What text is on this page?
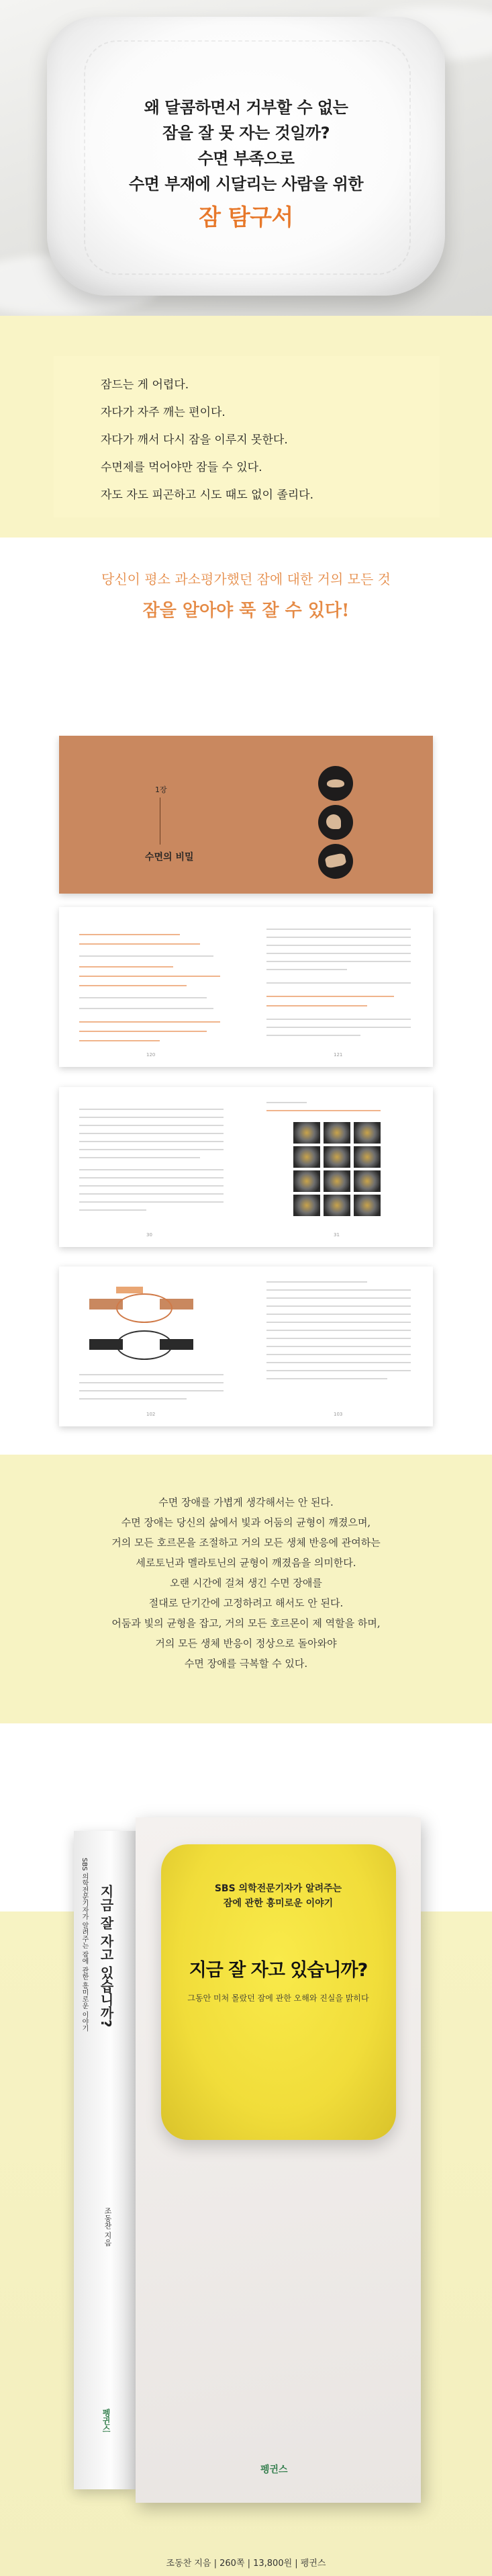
왜 달콤하면서 거부할 수 없는
잠을 잘 못 자는 것일까?
수면 부족으로
수면 부재에 시달리는 사람을 위한
잠 탐구서
잠드는 게 어렵다.
자다가 자주 깨는 편이다.
자다가 깨서 다시 잠을 이루지 못한다.
수면제를 먹어야만 잠들 수 있다.
자도 자도 피곤하고 시도 때도 없이 졸리다.
당신이 평소 과소평가했던 잠에 대한 거의 모든 것
잠을 알아야 푹 잘 수 있다!
1장
수면의 비밀
120	121
30	31
102	103
수면 장애를 가볍게 생각해서는 안 된다.
수면 장애는 당신의 삶에서 빛과 어둠의 균형이 깨졌으며,
거의 모든 호르몬을 조절하고 거의 모든 생체 반응에 관여하는
세로토닌과 멜라토닌의 균형이 깨졌음을 의미한다.
오랜 시간에 걸쳐 생긴 수면 장애를
절대로 단기간에 고정하려고 해서도 안 된다.
어둠과 빛의 균형을 잡고, 거의 모든 호르몬이 제 역할을 하며,
거의 모든 생체 반응이 정상으로 돌아와야
수면 장애를 극복할 수 있다.
SBS 의학전문기자가 알려주는 잠에 관한 흥미로운 이야기 지금 잘 자고 있습니까?
조동찬 지음
펭귄스
SBS 의학전문기자가 알려주는
잠에 관한 흥미로운 이야기
지금 잘 자고 있습니까?
그동안 미처 몰랐던 잠에 관한 오해와 진실을 밝히다
펭귄스
조동찬 지음 | 260쪽 | 13,800원 | 펭귄스
